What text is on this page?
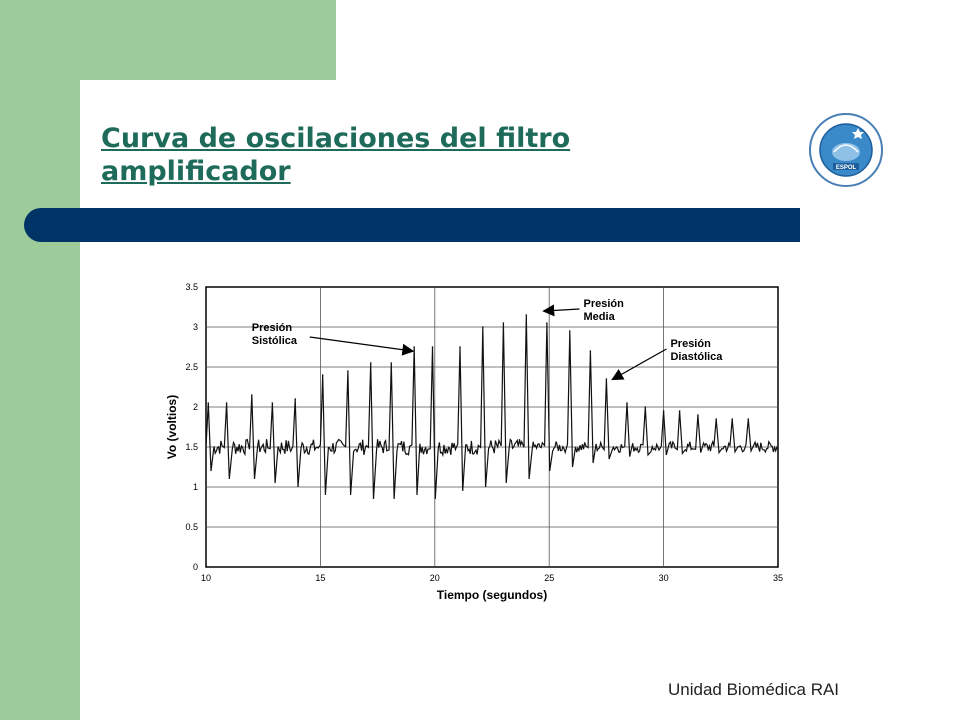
Curva de oscilaciones del filtro amplificador	ESPOL
0
0.5
1
1.5
2
2.5
3
3.5
10	15	20	25	30	35
Presión Sistólica
Presión Media
Presión Diastólica
Tiempo (segundos)
Vo (voltios)
Unidad Biomédica RAI
